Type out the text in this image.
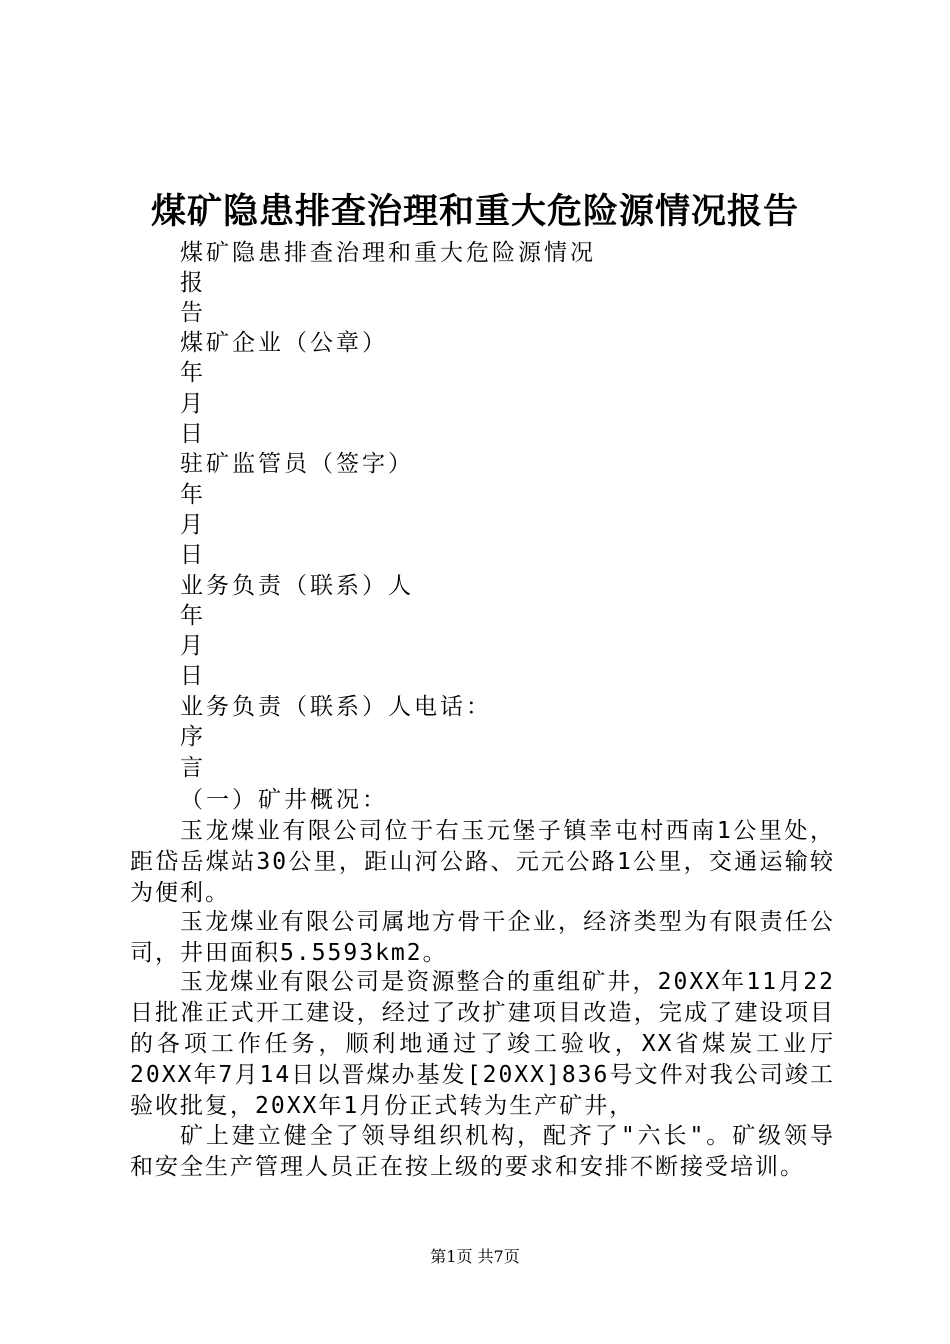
煤矿隐患排查治理和重大危险源情况报告
煤矿隐患排查治理和重大危险源情况
报
告
煤矿企业（公章）
年
月
日
驻矿监管员（签字）
年
月
日
业务负责（联系）人
年
月
日
业务负责（联系）人电话：
序
言
（一）矿井概况：
玉龙煤业有限公司位于右玉元堡子镇幸屯村西南1公里处，距岱岳煤站30公里，距山河公路、元元公路1公里，交通运输较为便利。
玉龙煤业有限公司属地方骨干企业，经济类型为有限责任公司，井田面积5.5593km2。
玉龙煤业有限公司是资源整合的重组矿井，20XX年11月22日批准正式开工建设，经过了改扩建项目改造，完成了建设项目的各项工作任务，顺利地通过了竣工验收，XX省煤炭工业厅20XX年7月14日以晋煤办基发[20XX]836号文件对我公司竣工验收批复，20XX年1月份正式转为生产矿井，
矿上建立健全了领导组织机构，配齐了"六长"。矿级领导和安全生产管理人员正在按上级的要求和安排不断接受培训。
第1页 共7页
